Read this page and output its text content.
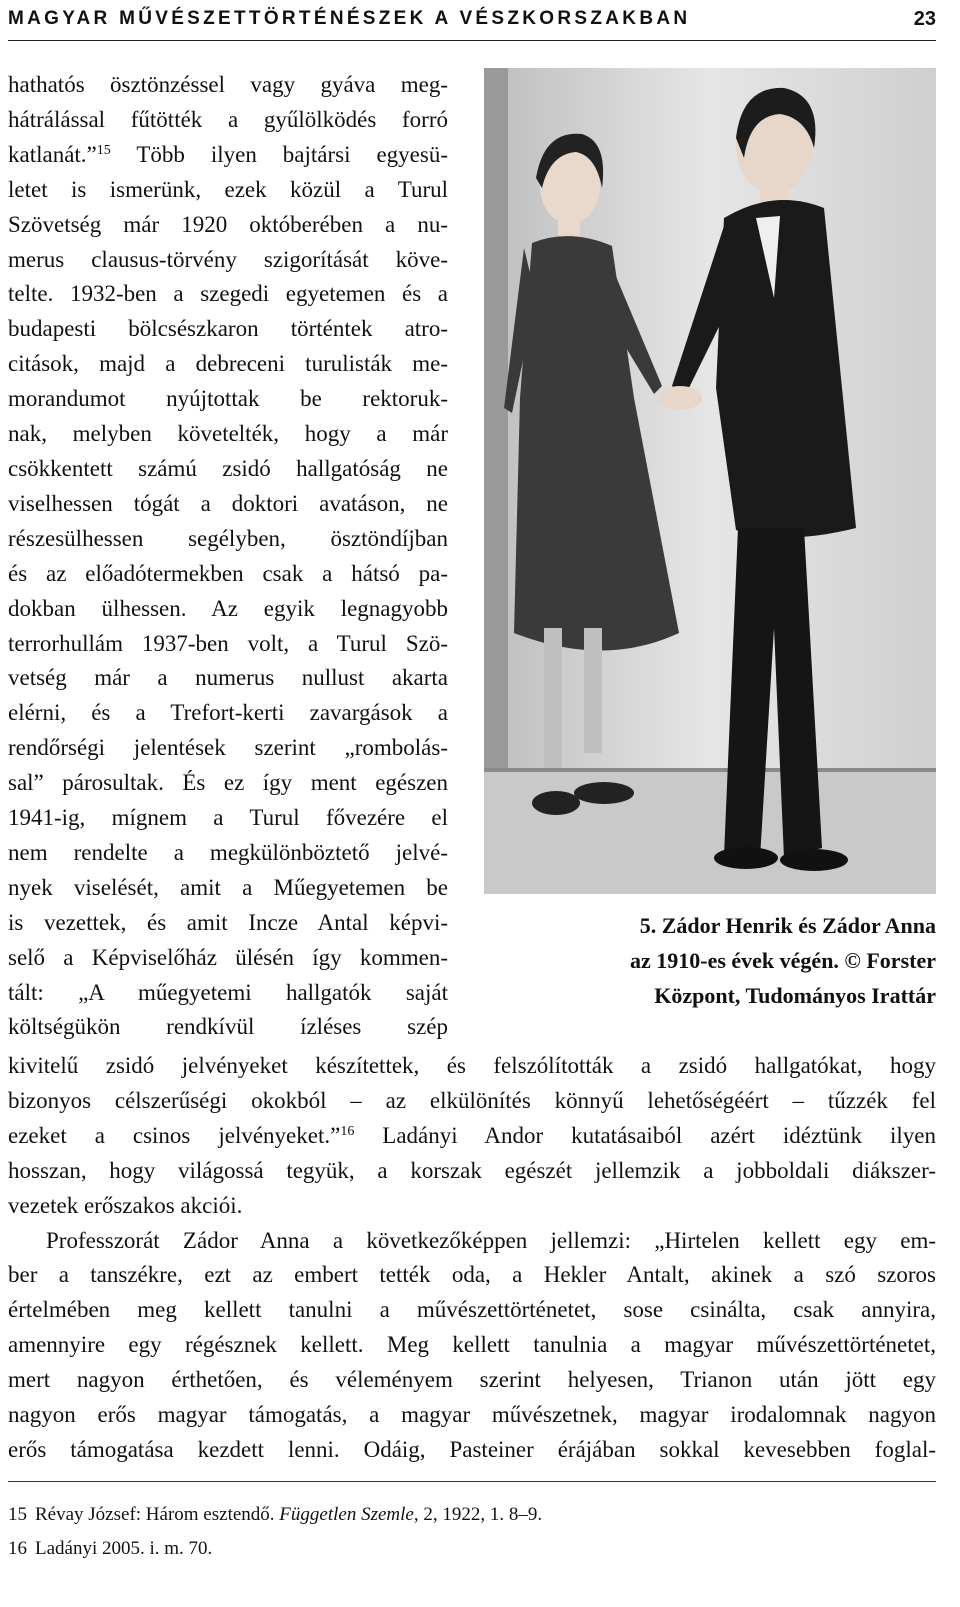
MAGYAR MŰVÉSZETTÖRTÉNÉSZEK A VÉSZKORSZAKBAN	23

hathatós ösztönzéssel vagy gyáva meg-
hátrálással fűtötték a gyűlölködés forró
katlanát.”$^{15}$ Több ilyen bajtársi egyesü-
letet is ismerünk, ezek közül a Turul
Szövetség már 1920 októberében a nu-
merus clausus-törvény szigorítását köve-
telte. 1932-ben a szegedi egyetemen és a
budapesti bölcsészkaron történtek atro-
citások, majd a debreceni turulisták me-
morandumot nyújtottak be rektoruk-
nak, melyben követelték, hogy a már
csökkentett számú zsidó hallgatóság ne
viselhessen tógát a doktori avatáson, ne
részesülhessen segélyben, ösztöndíjban
és az előadótermekben csak a hátsó pa-
dokban ülhessen. Az egyik legnagyobb
terrorhullám 1937-ben volt, a Turul Szö-
vetség már a numerus nullust akarta
elérni, és a Trefort-kerti zavargások a
rendőrségi jelentések szerint „rombolás-
sal” párosultak. És ez így ment egészen
1941-ig, mígnem a Turul fővezére el
nem rendelte a megkülönböztető jelvé-
nyek viselését, amit a Műegyetemen be
is vezettek, és amit Incze Antal képvi-
selő a Képviselőház ülésén így kommen-
tált: „A műegyetemi hallgatók saját
költségükön rendkívül ízléses szép

5. Zádor Henrik és Zádor Anna
az 1910-es évek végén. © Forster
Központ, Tudományos Irattár

kivitelű zsidó jelvényeket készítettek, és felszólították a zsidó hallgatókat, hogy
bizonyos célszerűségi okokból – az elkülönítés könnyű lehetőségéért – tűzzék fel
ezeket a csinos jelvényeket.”$^{16}$ Ladányi Andor kutatásaiból azért idéztünk ilyen
hosszan, hogy világossá tegyük, a korszak egészét jellemzik a jobboldali diákszer-
vezetek erőszakos akciói.

Professzorát Zádor Anna a következőképpen jellemzi: „Hirtelen kellett egy em-
ber a tanszékre, ezt az embert tették oda, a Hekler Antalt, akinek a szó szoros
értelmében meg kellett tanulni a művészettörténetet, sose csinálta, csak annyira,
amennyire egy régésznek kellett. Meg kellett tanulnia a magyar művészettörténetet,
mert nagyon érthetően, és véleményem szerint helyesen, Trianon után jött egy
nagyon erős magyar támogatás, a magyar művészetnek, magyar irodalomnak nagyon
erős támogatása kezdett lenni. Odáig, Pasteiner érájában sokkal kevesebben foglal-

15 Révay József: Három esztendő. Független Szemle, 2, 1922, 1. 8–9.
16 Ladányi 2005. i. m. 70.
